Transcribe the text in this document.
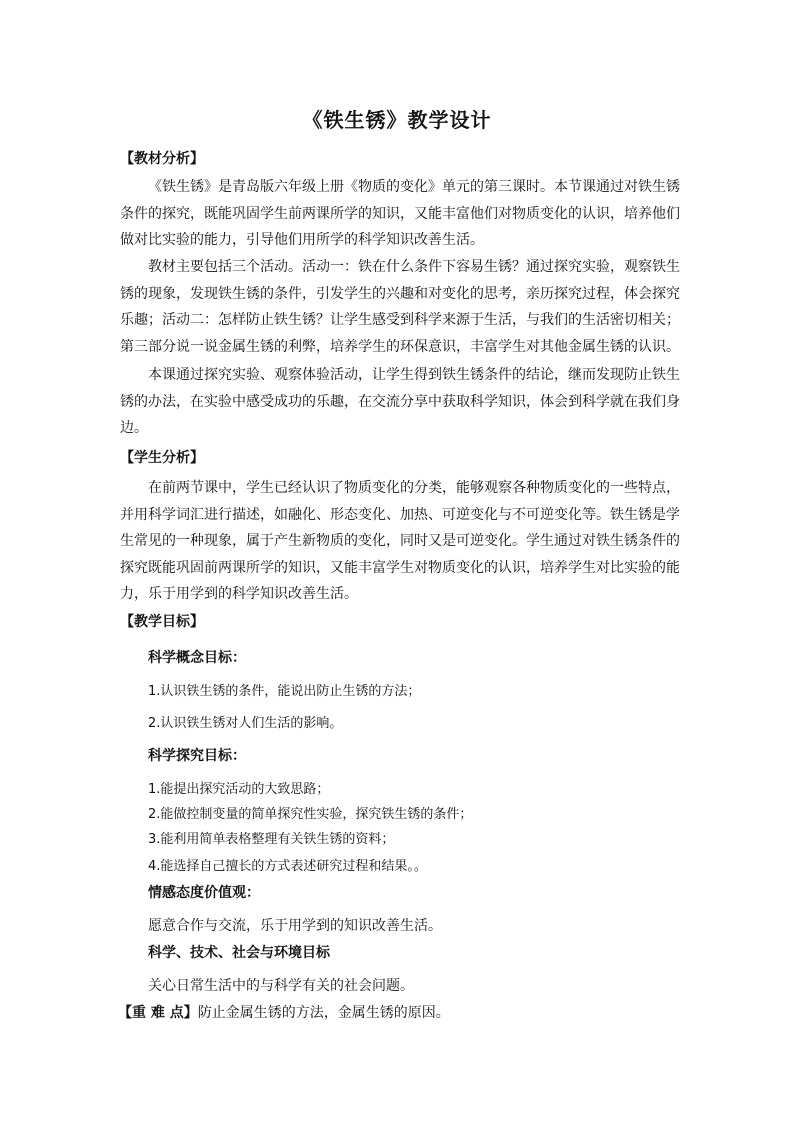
《铁生锈》教学设计
【教材分析】
《铁生锈》是青岛版六年级上册《物质的变化》单元的第三课时。本节课通过对铁生锈条件的探究，既能巩固学生前两课所学的知识，又能丰富他们对物质变化的认识，培养他们做对比实验的能力，引导他们用所学的科学知识改善生活。
教材主要包括三个活动。活动一：铁在什么条件下容易生锈？通过探究实验，观察铁生锈的现象，发现铁生锈的条件，引发学生的兴趣和对变化的思考，亲历探究过程，体会探究乐趣；活动二：怎样防止铁生锈？让学生感受到科学来源于生活，与我们的生活密切相关；第三部分说一说金属生锈的利弊，培养学生的环保意识，丰富学生对其他金属生锈的认识。
本课通过探究实验、观察体验活动，让学生得到铁生锈条件的结论，继而发现防止铁生锈的办法，在实验中感受成功的乐趣，在交流分享中获取科学知识，体会到科学就在我们身边。
【学生分析】
在前两节课中，学生已经认识了物质变化的分类，能够观察各种物质变化的一些特点，并用科学词汇进行描述，如融化、形态变化、加热、可逆变化与不可逆变化等。铁生锈是学生常见的一种现象，属于产生新物质的变化，同时又是可逆变化。学生通过对铁生锈条件的探究既能巩固前两课所学的知识，又能丰富学生对物质变化的认识，培养学生对比实验的能力，乐于用学到的科学知识改善生活。
【教学目标】
科学概念目标：
1.认识铁生锈的条件，能说出防止生锈的方法；
2.认识铁生锈对人们生活的影响。
科学探究目标：
1.能提出探究活动的大致思路；
2.能做控制变量的简单探究性实验，探究铁生锈的条件；
3.能利用简单表格整理有关铁生锈的资料；
4.能选择自己擅长的方式表述研究过程和结果。。
情感态度价值观：
愿意合作与交流，乐于用学到的知识改善生活。
科学、技术、社会与环境目标
关心日常生活中的与科学有关的社会问题。
【重 难 点】防止金属生锈的方法，金属生锈的原因。
